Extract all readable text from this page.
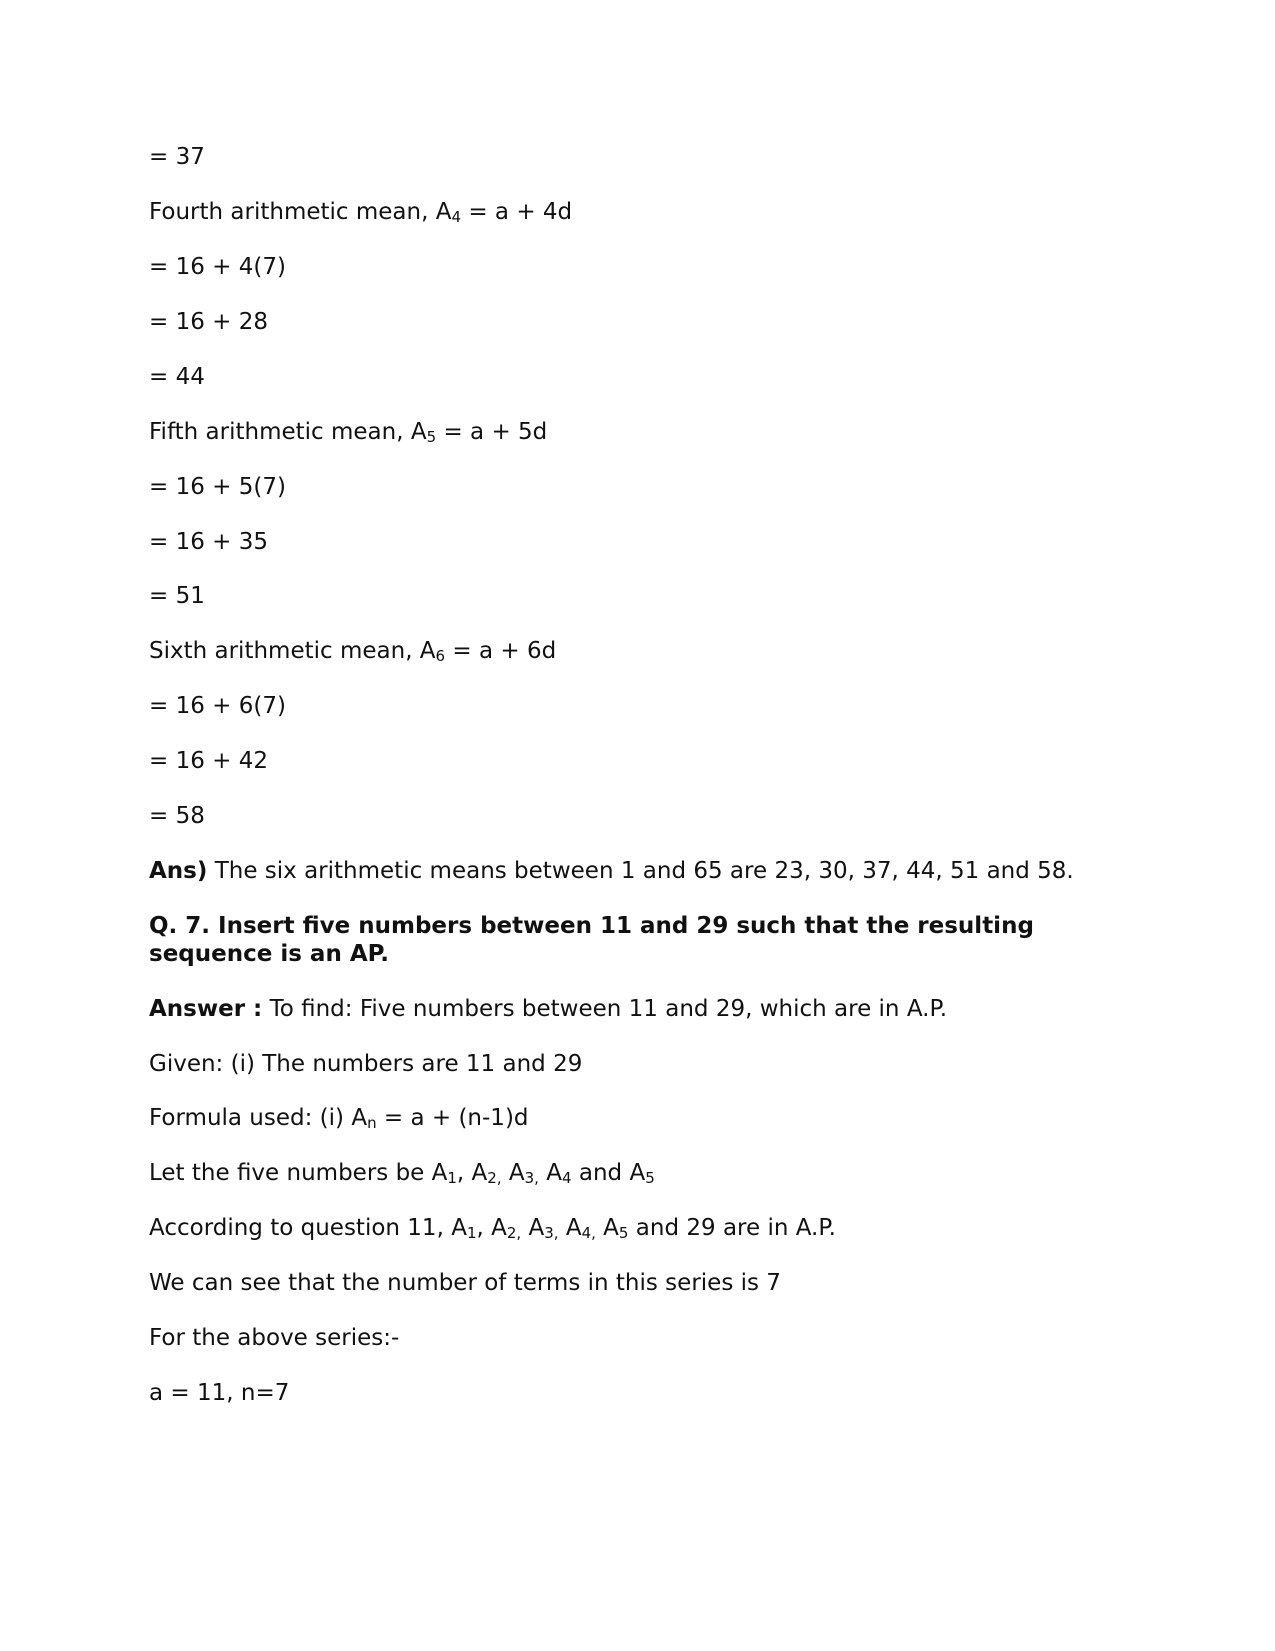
= 37
Fourth arithmetic mean, $A_4 = a + 4d$
= 16 + 4(7)
= 16 + 28
= 44
Fifth arithmetic mean, $A_5 = a + 5d$
= 16 + 5(7)
= 16 + 35
= 51
Sixth arithmetic mean, $A_6 = a + 6d$
= 16 + 6(7)
= 16 + 42
= 58
Ans) The six arithmetic means between 1 and 65 are 23, 30, 37, 44, 51 and 58.
Q. 7. Insert five numbers between 11 and 29 such that the resulting sequence is an AP.
Answer : To find: Five numbers between 11 and 29, which are in A.P.
Given: (i) The numbers are 11 and 29
Formula used: (i) $A_n = a + (n-1)d$
Let the five numbers be $A_1$, $A_{2,}$ $A_{3,}$ $A_4$ and $A_5$
According to question 11, $A_1$, $A_{2,}$ $A_{3,}$ $A_{4,}$ $A_5$ and 29 are in A.P.
We can see that the number of terms in this series is 7
For the above series:-
a = 11, n=7
